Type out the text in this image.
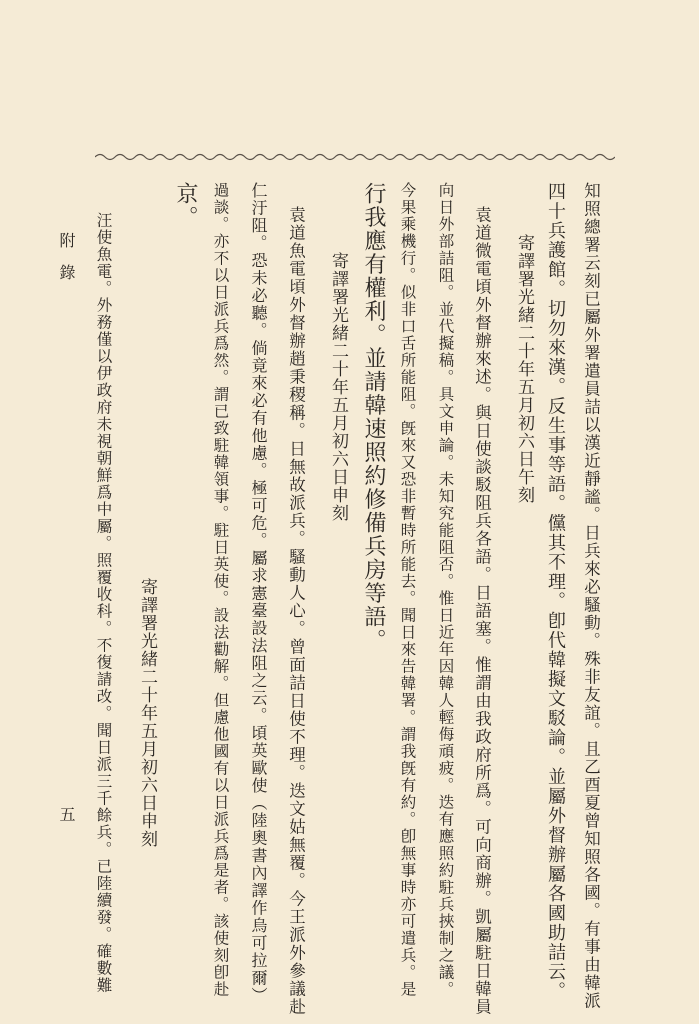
知照總署云刻已屬外署遣員詰以漢近靜謐。日兵來必騷動。殊非友誼。且乙酉夏曾知照各國。有事由韓派
四十兵護館。切勿來漢。反生事等語。儻其不理。卽代韓擬文駁論。並屬外督辦屬各國助詰云。
寄譯署光緒二十年五月初六日午刻
袁道微電頃外督辦來述。與日使談駁阻兵各語。日語塞。惟謂由我政府所爲。可向商辦。凱屬駐日韓員
向日外部詰阻。並代擬稿。具文申論。未知究能阻否。惟日近年因韓人輕侮頑疲。迭有應照約駐兵挾制之議。
今果乘機行。似非口舌所能阻。旣來又恐非暫時所能去。聞日來告韓署。謂我旣有約。卽無事時亦可遣兵。是
行我應有權利。並請韓速照約修備兵房等語。
寄譯署光緒二十年五月初六日申刻
袁道魚電頃外督辦趙秉稷稱。日無故派兵。騷動人心。曾面詰日使不理。迭文姑無覆。今王派外參議赴
仁汙阻。恐未必聽。倘竟來必有他慮。極可危。屬求憲臺設法阻之云。頃英歐使（陸奧書內譯作烏可拉爾）
過談。亦不以日派兵爲然。謂已致駐韓領事。駐日英使。設法勸解。但慮他國有以日派兵爲是者。該使刻卽赴
京。
寄譯署光緒二十年五月初六日申刻
汪使魚電。外務僅以伊政府未視朝鮮爲中屬。照覆收科。不復請改。聞日派三千餘兵。已陸續發。確數難
附　錄
五
